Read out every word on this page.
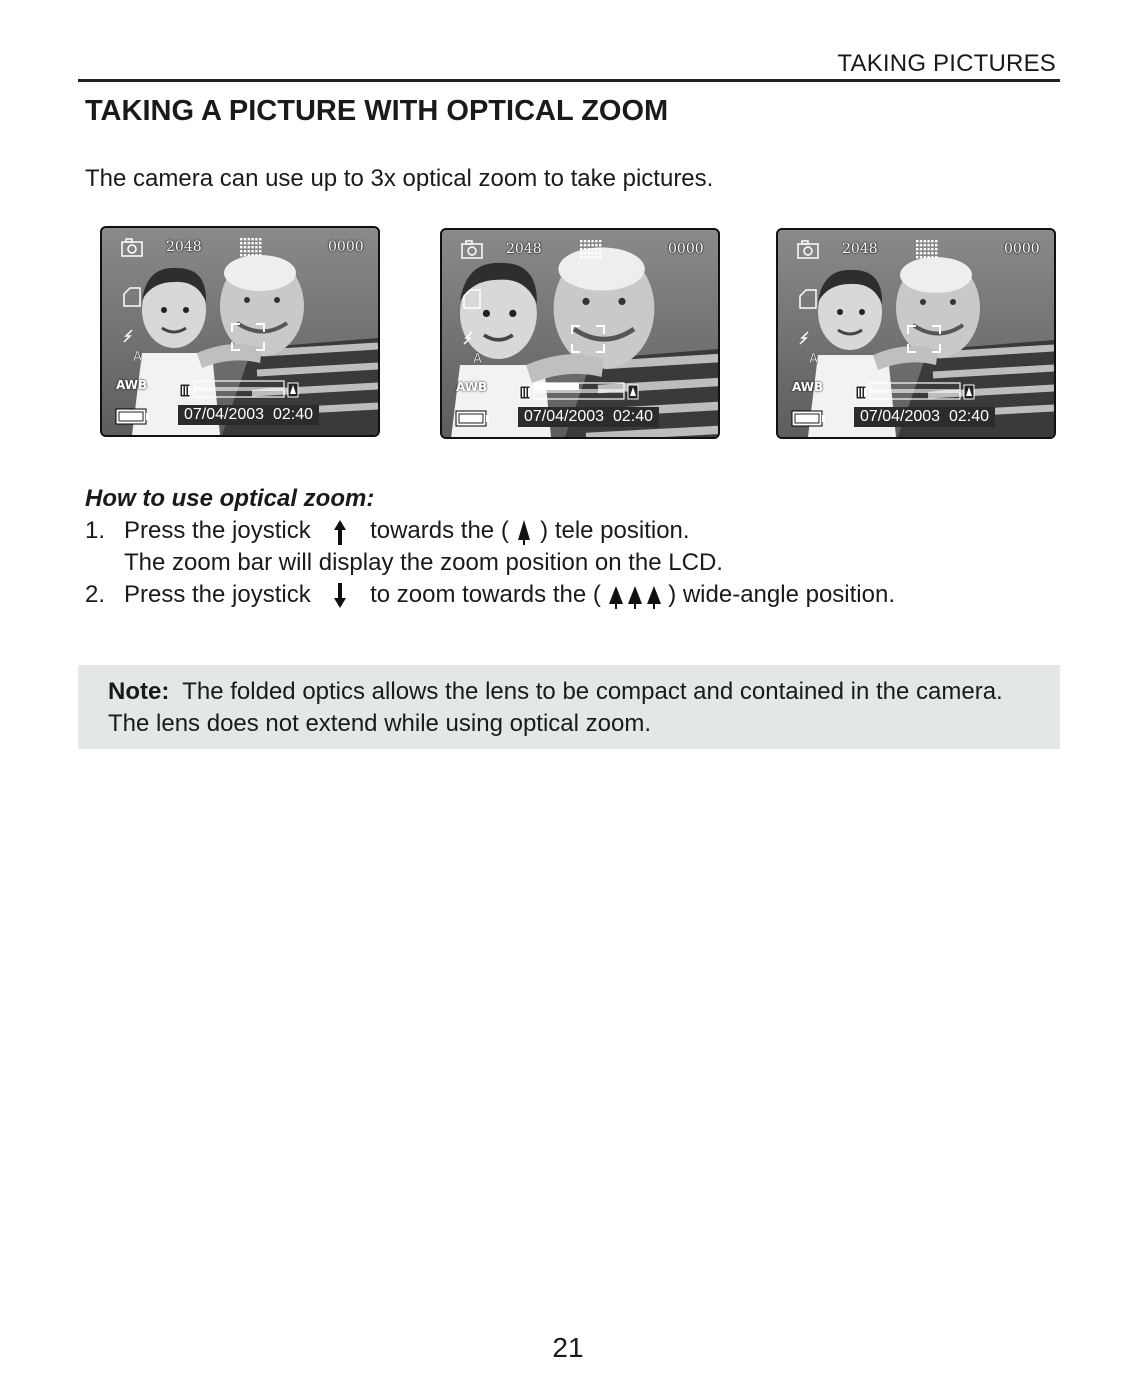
TAKING PICTURES
TAKING A PICTURE WITH OPTICAL ZOOM
The camera can use up to 3x optical zoom to take pictures.
A
2048	0000
AWB
07/04/2003 02:40
A
2048	0000
AWB
07/04/2003 02:40
A
2048	0000
AWB
07/04/2003 02:40
How to use optical zoom:
1. Press the joystick towards the ( ) tele position.
The zoom bar will display the zoom position on the LCD.
2. Press the joystick to zoom towards the (	) wide-angle position.
Note: The folded optics allows the lens to be compact and contained in the camera. The lens does not extend while using optical zoom.
21
